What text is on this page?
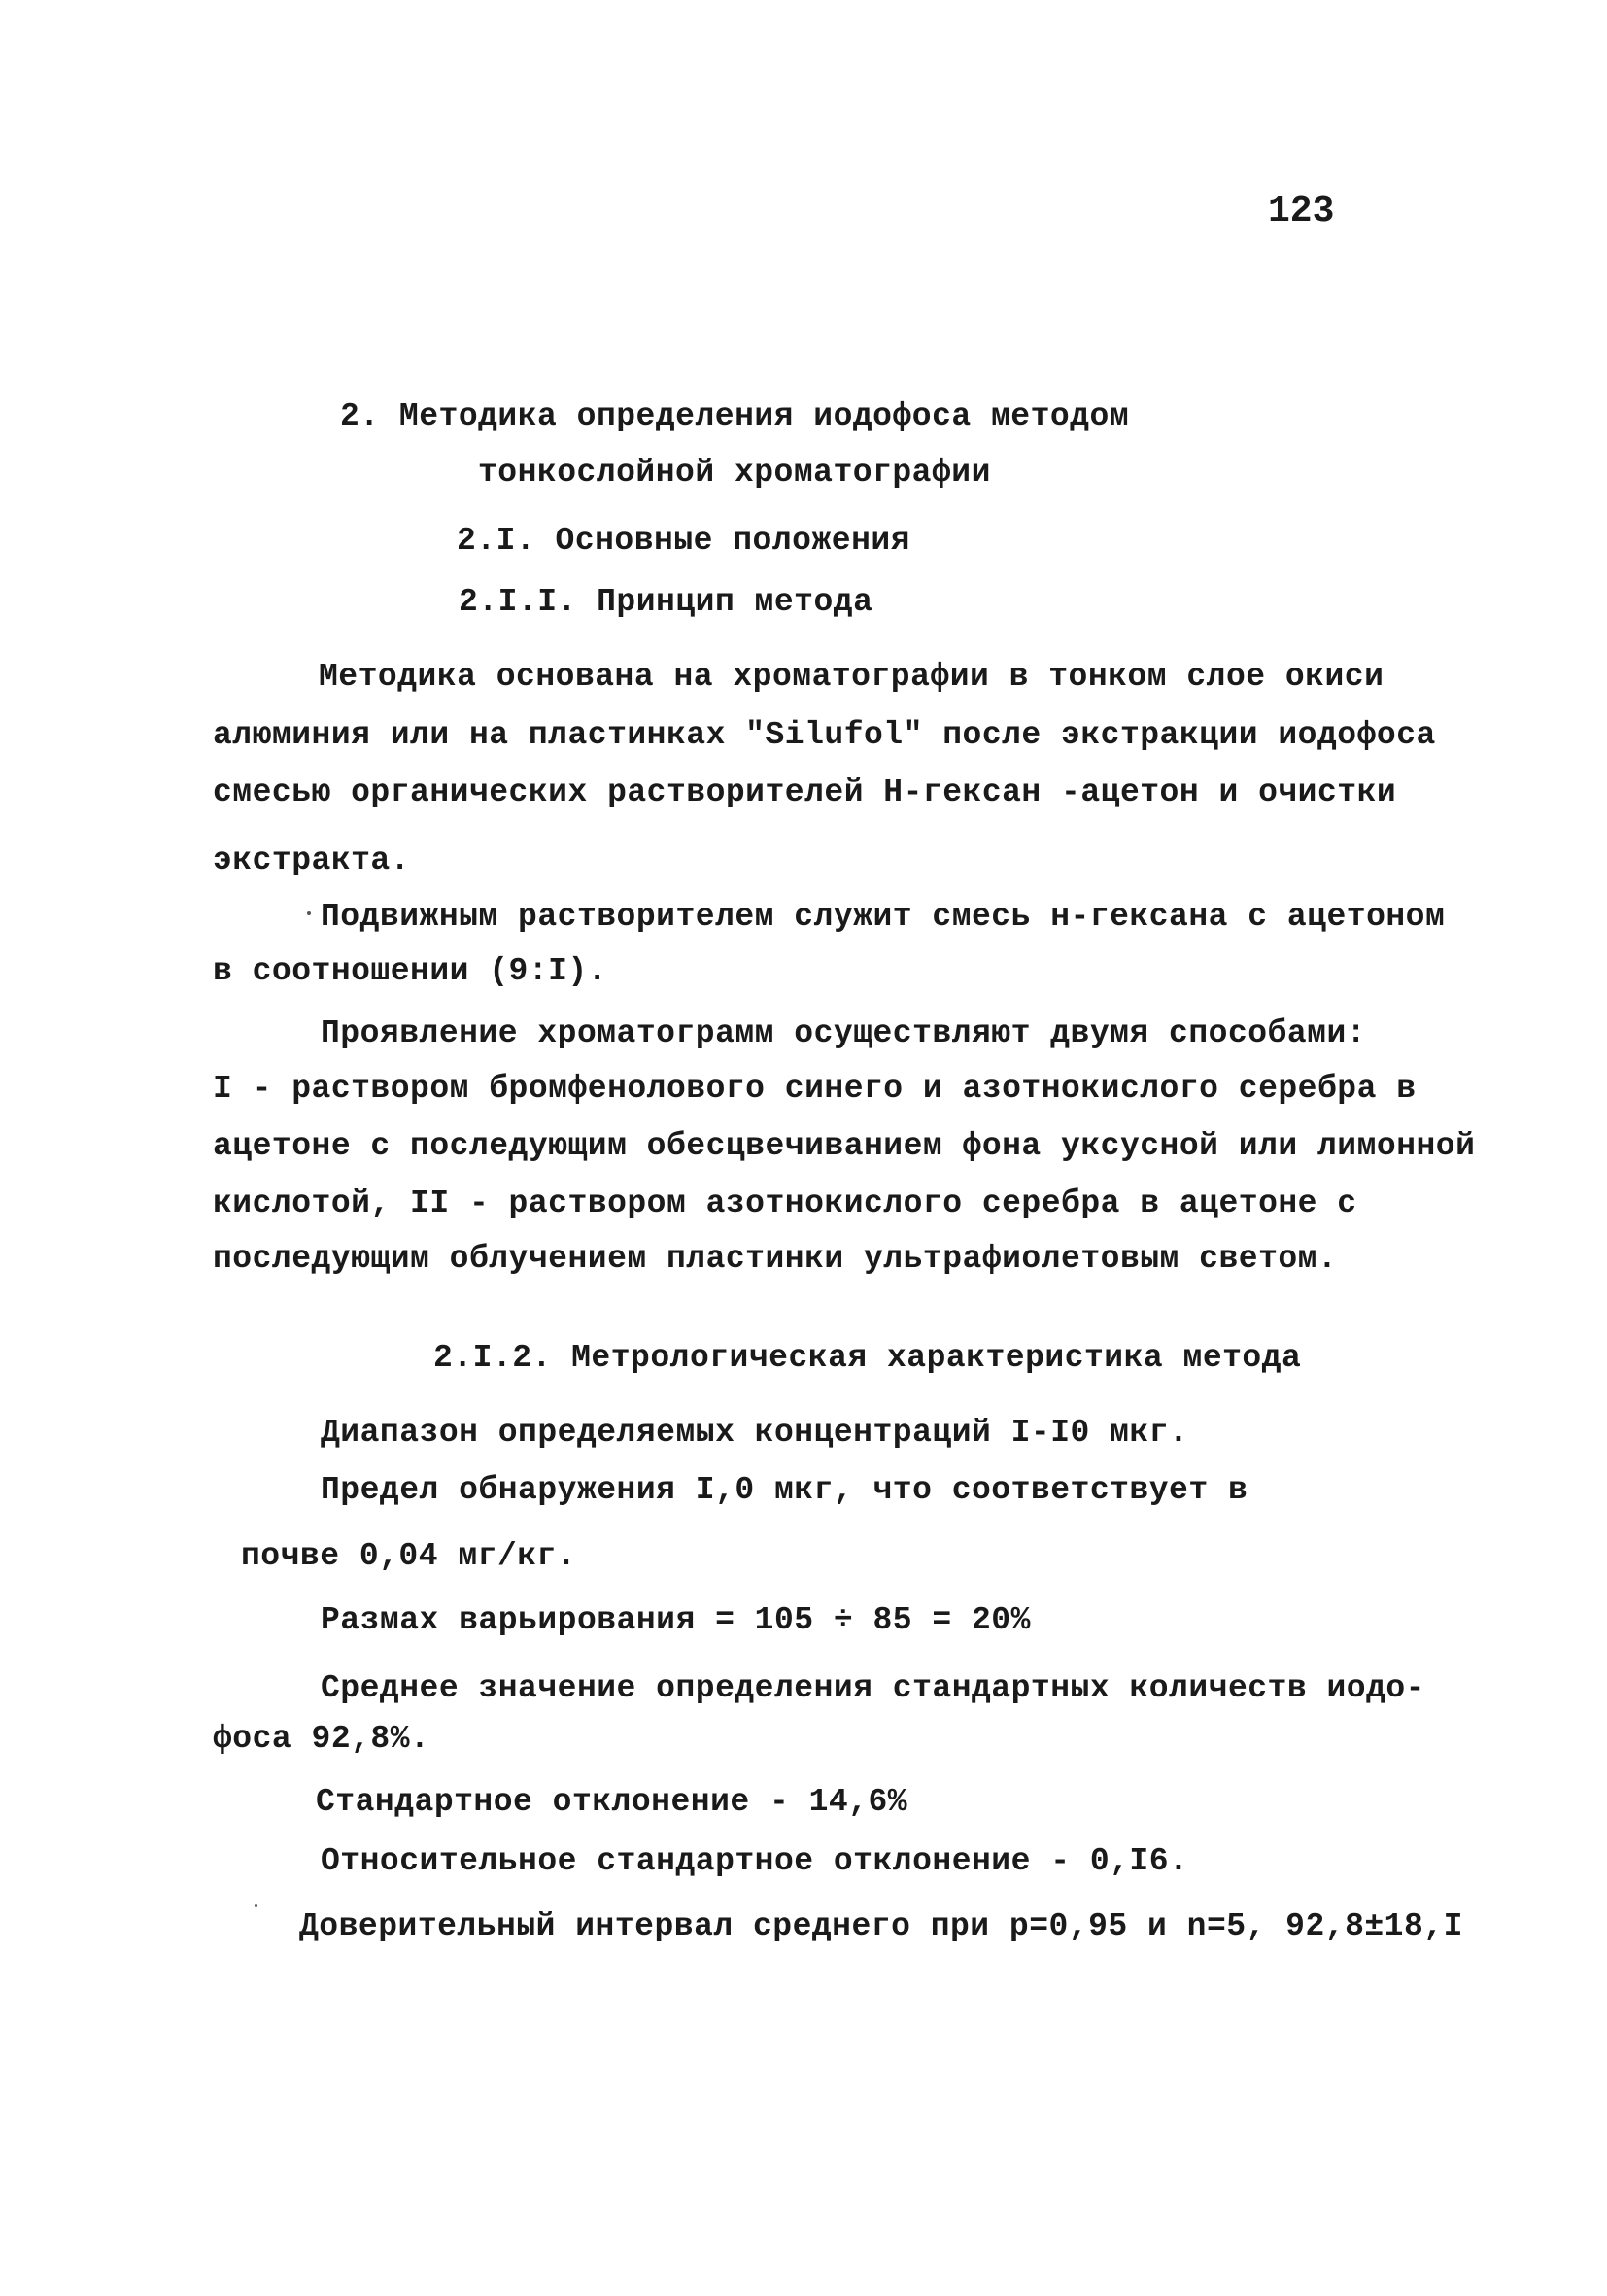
123
2. Методика определения иодофоса методом
тонкослойной хроматографии
2.I. Основные положения
2.I.I. Принцип метода
Методика основана на хроматографии в тонком слое окиси
алюминия или на пластинках "Silufol" после экстракции иодофоса
смесью органических растворителей Н-гексан -ацетон и очистки
экстракта.
Подвижным растворителем служит смесь н-гексана с ацетоном
в соотношении (9:I).
Проявление хроматограмм осуществляют двумя способами:
I - раствором бромфенолового синего и азотнокислого серебра в
ацетоне с последующим обесцвечиванием фона уксусной или лимонной
кислотой, II - раствором азотнокислого серебра в ацетоне с
последующим облучением пластинки ультрафиолетовым светом.
2.I.2. Метрологическая характеристика метода
Диапазон определяемых концентраций I-I0 мкг.
Предел обнаружения I,0 мкг, что соответствует в
почве 0,04 мг/кг.
Размах варьирования = 105 ÷ 85 = 20%
Среднее значение определения стандартных количеств иодо-
фоса 92,8%.
Стандартное отклонение - 14,6%
Относительное стандартное отклонение - 0,I6.
Доверительный интервал среднего при p=0,95 и n=5, 92,8±18,I
